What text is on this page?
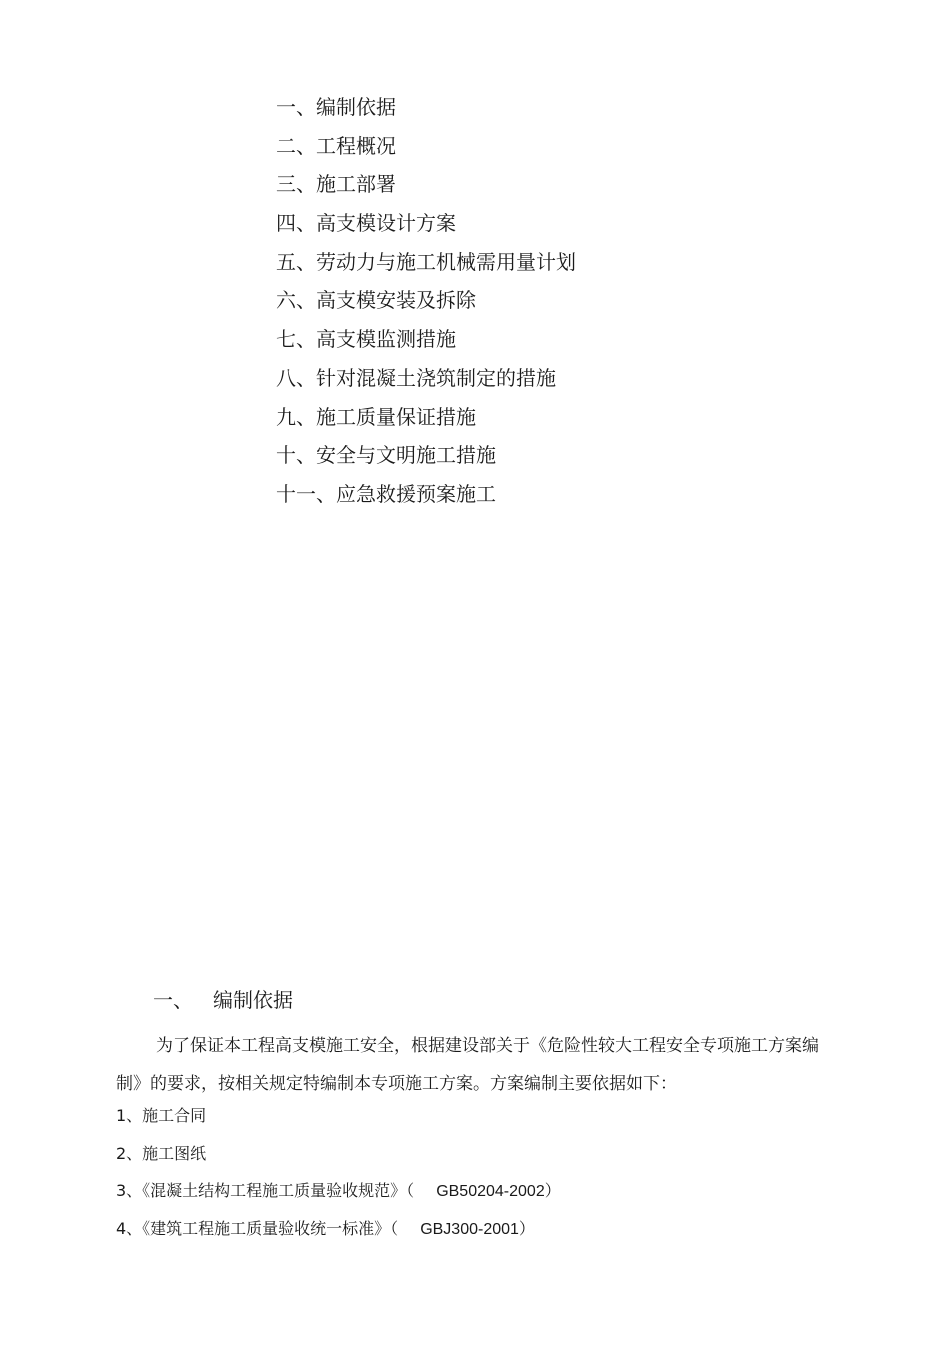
一、编制依据
二、工程概况
三、施工部署
四、高支模设计方案
五、劳动力与施工机械需用量计划
六、高支模安装及拆除
七、高支模监测措施
八、针对混凝土浇筑制定的措施
九、施工质量保证措施
十、安全与文明施工措施
十一、应急救援预案施工
一、 编制依据

为了保证本工程高支模施工安全，根据建设部关于《危险性较大工程安全专项施工方案编制》的要求，按相关规定特编制本专项施工方案。方案编制主要依据如下：

1、施工合同
2、施工图纸
3、《混凝土结构工程施工质量验收规范》（ GB50204-2002）
4、《建筑工程施工质量验收统一标准》（ GBJ300-2001）
